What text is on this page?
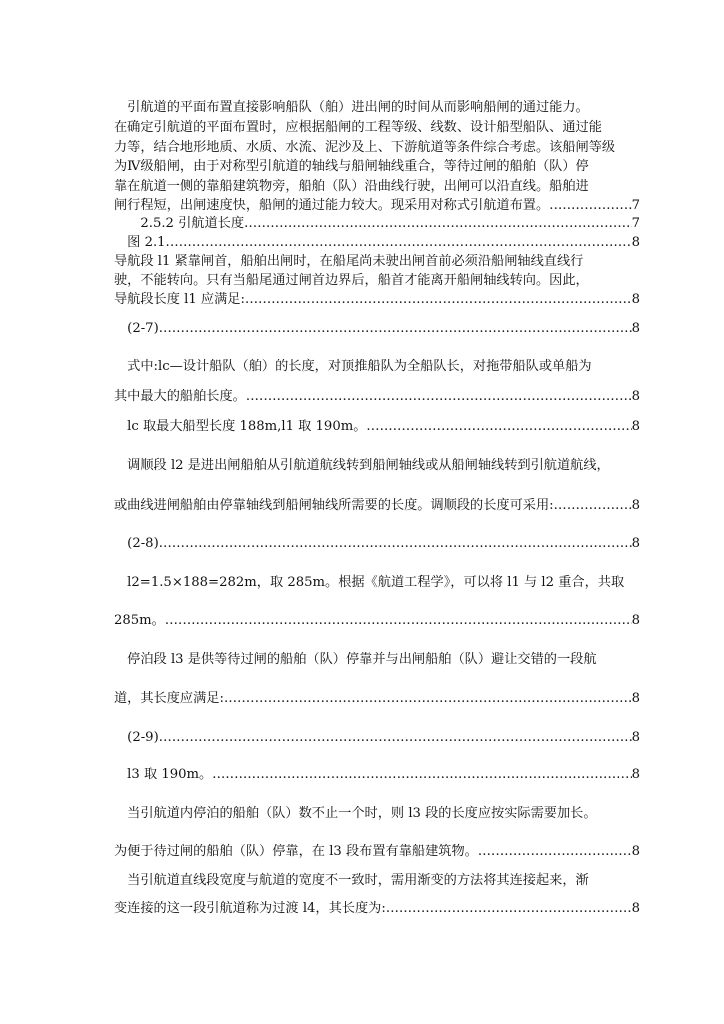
　引航道的平面布置直接影响船队（舶）进出闸的时间从而影响船闸的通过能力。
在确定引航道的平面布置时，应根据船闸的工程等级、线数、设计船型船队、通过能
力等，结合地形地质、水质、水流、泥沙及上、下游航道等条件综合考虑。该船闸等级
为Ⅳ级船闸，由于对称型引航道的轴线与船闸轴线重合，等待过闸的船舶（队）停
靠在航道一侧的靠船建筑物旁，船舶（队）沿曲线行驶，出闸可以沿直线。船舶进
闸行程短，出闸速度快，船闸的通过能力较大。现采用对称式引航道布置。 .....	7
　　2.5.2 引航道长度 .....	7
　图 2.1 .....	8
导航段 l1 紧靠闸首，船舶出闸时，在船尾尚未驶出闸首前必须沿船闸轴线直线行
驶，不能转向。只有当船尾通过闸首边界后，船首才能离开船闸轴线转向。因此，
导航段长度 l1 应满足: .....	8
　(2-7) .....	8
　式中:lc—设计船队（舶）的长度，对顶推船队为全船队长，对拖带船队或单船为
其中最大的船舶长度。 .....	8
　lc 取最大船型长度 188m,l1 取 190m。 .....	8
　调顺段 l2 是进出闸船舶从引航道航线转到船闸轴线或从船闸轴线转到引航道航线，
或曲线进闸船舶由停靠轴线到船闸轴线所需要的长度。调顺段的长度可采用: .....	8
　(2-8) .....	8
　l2=1.5×188=282m，取 285m。根据《航道工程学》，可以将 l1 与 l2 重合，共取
285m。 .....	8
　停泊段 l3 是供等待过闸的船舶（队）停靠并与出闸船舶（队）避让交错的一段航
道，其长度应满足: .....	8
　(2-9) .....	8
　l3 取 190m。 .....	8
　当引航道内停泊的船舶（队）数不止一个时，则 l3 段的长度应按实际需要加长。
为便于待过闸的船舶（队）停靠，在 l3 段布置有靠船建筑物。 .....	8
　当引航道直线段宽度与航道的宽度不一致时，需用渐变的方法将其连接起来，渐
变连接的这一段引航道称为过渡 l4，其长度为: .....	8
